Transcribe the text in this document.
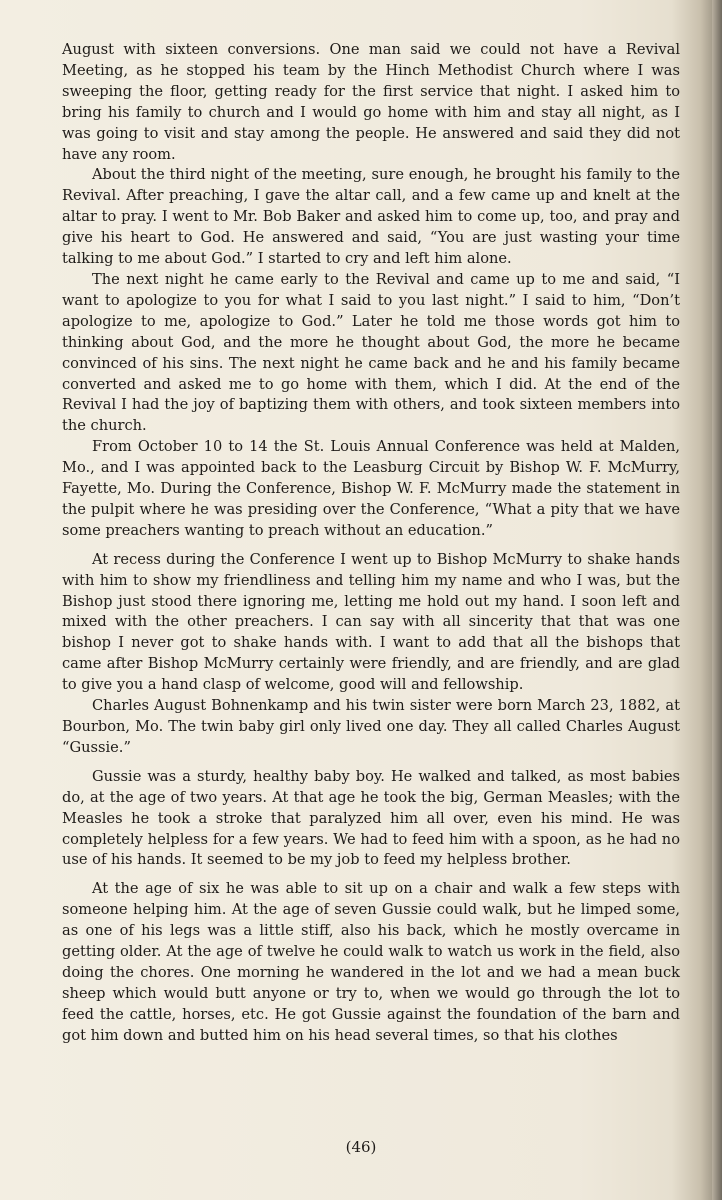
August with sixteen conversions. One man said we could not have a Revival Meeting, as he stopped his team by the Hinch Methodist Church where I was sweeping the floor, getting ready for the first service that night. I asked him to bring his family to church and I would go home with him and stay all night, as I was going to visit and stay among the people. He answered and said they did not have any room.

About the third night of the meeting, sure enough, he brought his family to the Revival. After preaching, I gave the altar call, and a few came up and knelt at the altar to pray. I went to Mr. Bob Baker and asked him to come up, too, and pray and give his heart to God. He answered and said, “You are just wasting your time talking to me about God.” I started to cry and left him alone.

The next night he came early to the Revival and came up to me and said, “I want to apologize to you for what I said to you last night.” I said to him, “Don’t apologize to me, apologize to God.” Later he told me those words got him to thinking about God, and the more he thought about God, the more he became convinced of his sins. The next night he came back and he and his family became converted and asked me to go home with them, which I did. At the end of the Revival I had the joy of baptizing them with others, and took sixteen members into the church.

From October 10 to 14 the St. Louis Annual Conference was held at Malden, Mo., and I was appointed back to the Leasburg Circuit by Bishop W. F. McMurry, Fayette, Mo. During the Conference, Bishop W. F. McMurry made the statement in the pulpit where he was presiding over the Conference, “What a pity that we have some preachers wanting to preach without an education.”

At recess during the Conference I went up to Bishop McMurry to shake hands with him to show my friendliness and telling him my name and who I was, but the Bishop just stood there ignoring me, letting me hold out my hand. I soon left and mixed with the other preachers. I can say with all sincerity that that was one bishop I never got to shake hands with. I want to add that all the bishops that came after Bishop McMurry certainly were friendly, and are friendly, and are glad to give you a hand clasp of welcome, good will and fellowship.

Charles August Bohnenkamp and his twin sister were born March 23, 1882, at Bourbon, Mo. The twin baby girl only lived one day. They all called Charles August “Gussie.”

Gussie was a sturdy, healthy baby boy. He walked and talked, as most babies do, at the age of two years. At that age he took the big, German Measles; with the Measles he took a stroke that paralyzed him all over, even his mind. He was completely helpless for a few years. We had to feed him with a spoon, as he had no use of his hands. It seemed to be my job to feed my helpless brother.

At the age of six he was able to sit up on a chair and walk a few steps with someone helping him. At the age of seven Gussie could walk, but he limped some, as one of his legs was a little stiff, also his back, which he mostly overcame in getting older. At the age of twelve he could walk to watch us work in the field, also doing the chores. One morning he wandered in the lot and we had a mean buck sheep which would butt anyone or try to, when we would go through the lot to feed the cattle, horses, etc. He got Gussie against the foundation of the barn and got him down and butted him on his head several times, so that his clothes

(46)
